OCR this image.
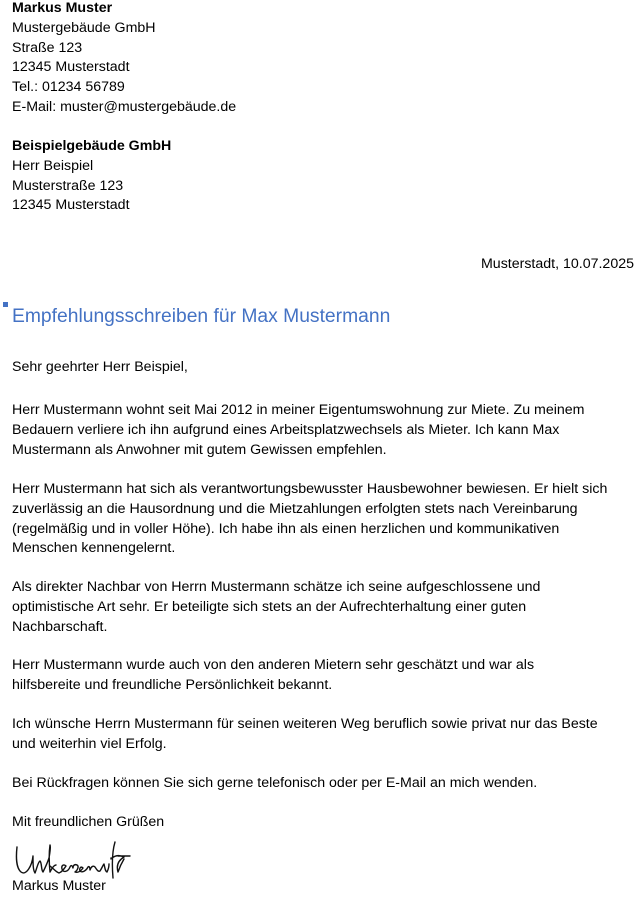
Markus Muster
Mustergebäude GmbH
Straße 123
12345 Musterstadt
Tel.: 01234 56789
E-Mail: muster@mustergebäude.de
Beispielgebäude GmbH
Herr Beispiel
Musterstraße 123
12345 Musterstadt
Musterstadt, 10.07.2025
Empfehlungsschreiben für Max Mustermann
Sehr geehrter Herr Beispiel,
Herr Mustermann wohnt seit Mai 2012 in meiner Eigentumswohnung zur Miete. Zu meinem
Bedauern verliere ich ihn aufgrund eines Arbeitsplatzwechsels als Mieter. Ich kann Max
Mustermann als Anwohner mit gutem Gewissen empfehlen.
Herr Mustermann hat sich als verantwortungsbewusster Hausbewohner bewiesen. Er hielt sich
zuverlässig an die Hausordnung und die Mietzahlungen erfolgten stets nach Vereinbarung
(regelmäßig und in voller Höhe). Ich habe ihn als einen herzlichen und kommunikativen
Menschen kennengelernt.
Als direkter Nachbar von Herrn Mustermann schätze ich seine aufgeschlossene und
optimistische Art sehr. Er beteiligte sich stets an der Aufrechterhaltung einer guten
Nachbarschaft.
Herr Mustermann wurde auch von den anderen Mietern sehr geschätzt und war als
hilfsbereite und freundliche Persönlichkeit bekannt.
Ich wünsche Herrn Mustermann für seinen weiteren Weg beruflich sowie privat nur das Beste
und weiterhin viel Erfolg.
Bei Rückfragen können Sie sich gerne telefonisch oder per E-Mail an mich wenden.
Mit freundlichen Grüßen
Markus Muster
